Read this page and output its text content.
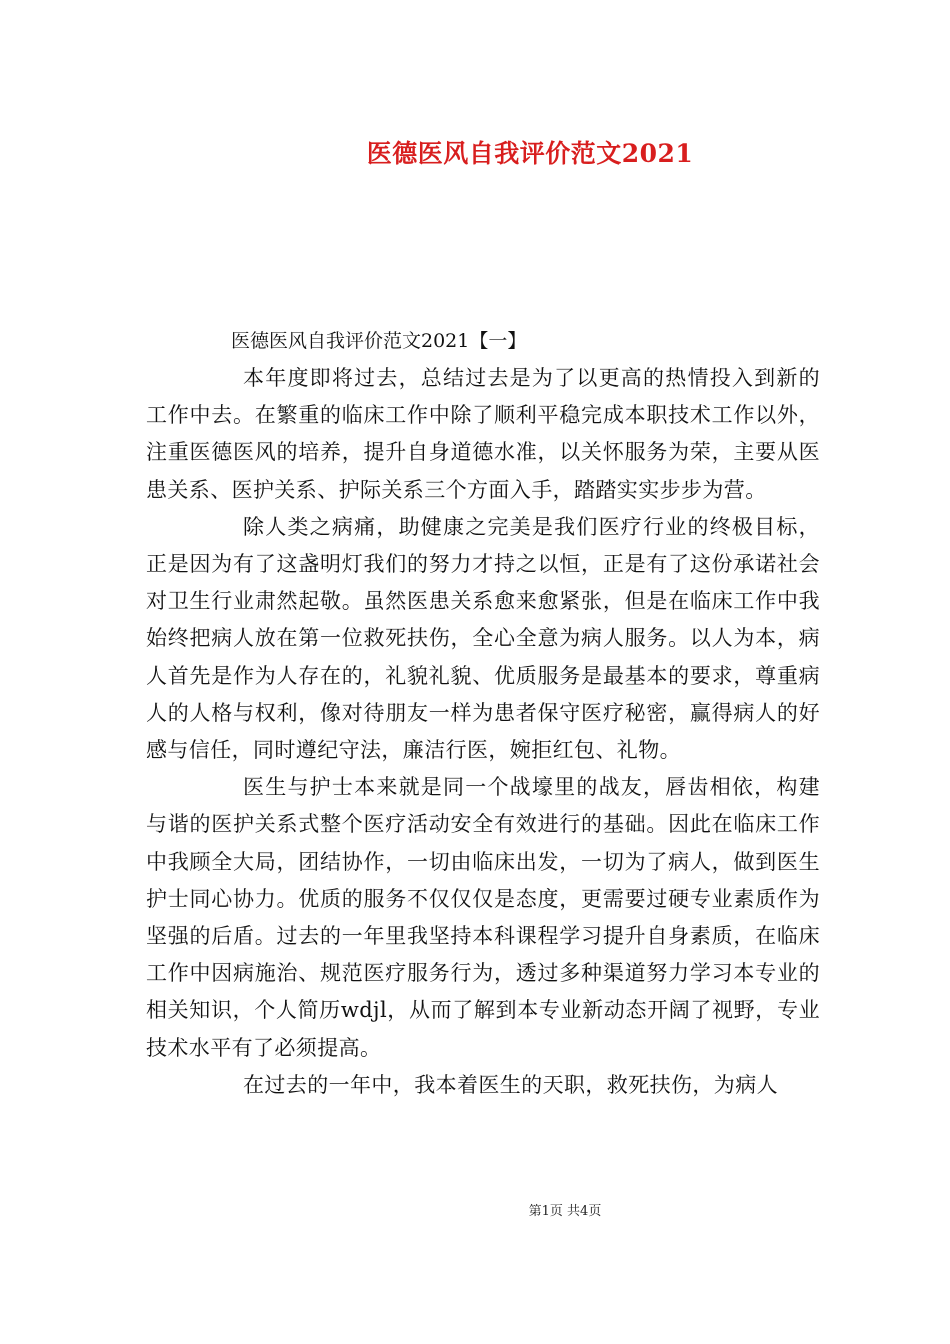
医德医风自我评价范文2021
医德医风自我评价范文2021【一】

本年度即将过去，总结过去是为了以更高的热情投入到新的工作中去。在繁重的临床工作中除了顺利平稳完成本职技术工作以外，注重医德医风的培养，提升自身道德水准，以关怀服务为荣，主要从医患关系、医护关系、护际关系三个方面入手，踏踏实实步步为营。

除人类之病痛，助健康之完美是我们医疗行业的终极目标，正是因为有了这盏明灯我们的努力才持之以恒，正是有了这份承诺社会对卫生行业肃然起敬。虽然医患关系愈来愈紧张，但是在临床工作中我始终把病人放在第一位救死扶伤，全心全意为病人服务。以人为本，病人首先是作为人存在的，礼貌礼貌、优质服务是最基本的要求，尊重病人的人格与权利，像对待朋友一样为患者保守医疗秘密，赢得病人的好感与信任，同时遵纪守法，廉洁行医，婉拒红包、礼物。

医生与护士本来就是同一个战壕里的战友，唇齿相依，构建与谐的医护关系式整个医疗活动安全有效进行的基础。因此在临床工作中我顾全大局，团结协作，一切由临床出发，一切为了病人，做到医生护士同心协力。优质的服务不仅仅仅是态度，更需要过硬专业素质作为坚强的后盾。过去的一年里我坚持本科课程学习提升自身素质，在临床工作中因病施治、规范医疗服务行为，透过多种渠道努力学习本专业的相关知识，个人简历wdjl，从而了解到本专业新动态开阔了视野，专业技术水平有了必须提高。

在过去的一年中，我本着医生的天职，救死扶伤，为病人

第1页 共4页
